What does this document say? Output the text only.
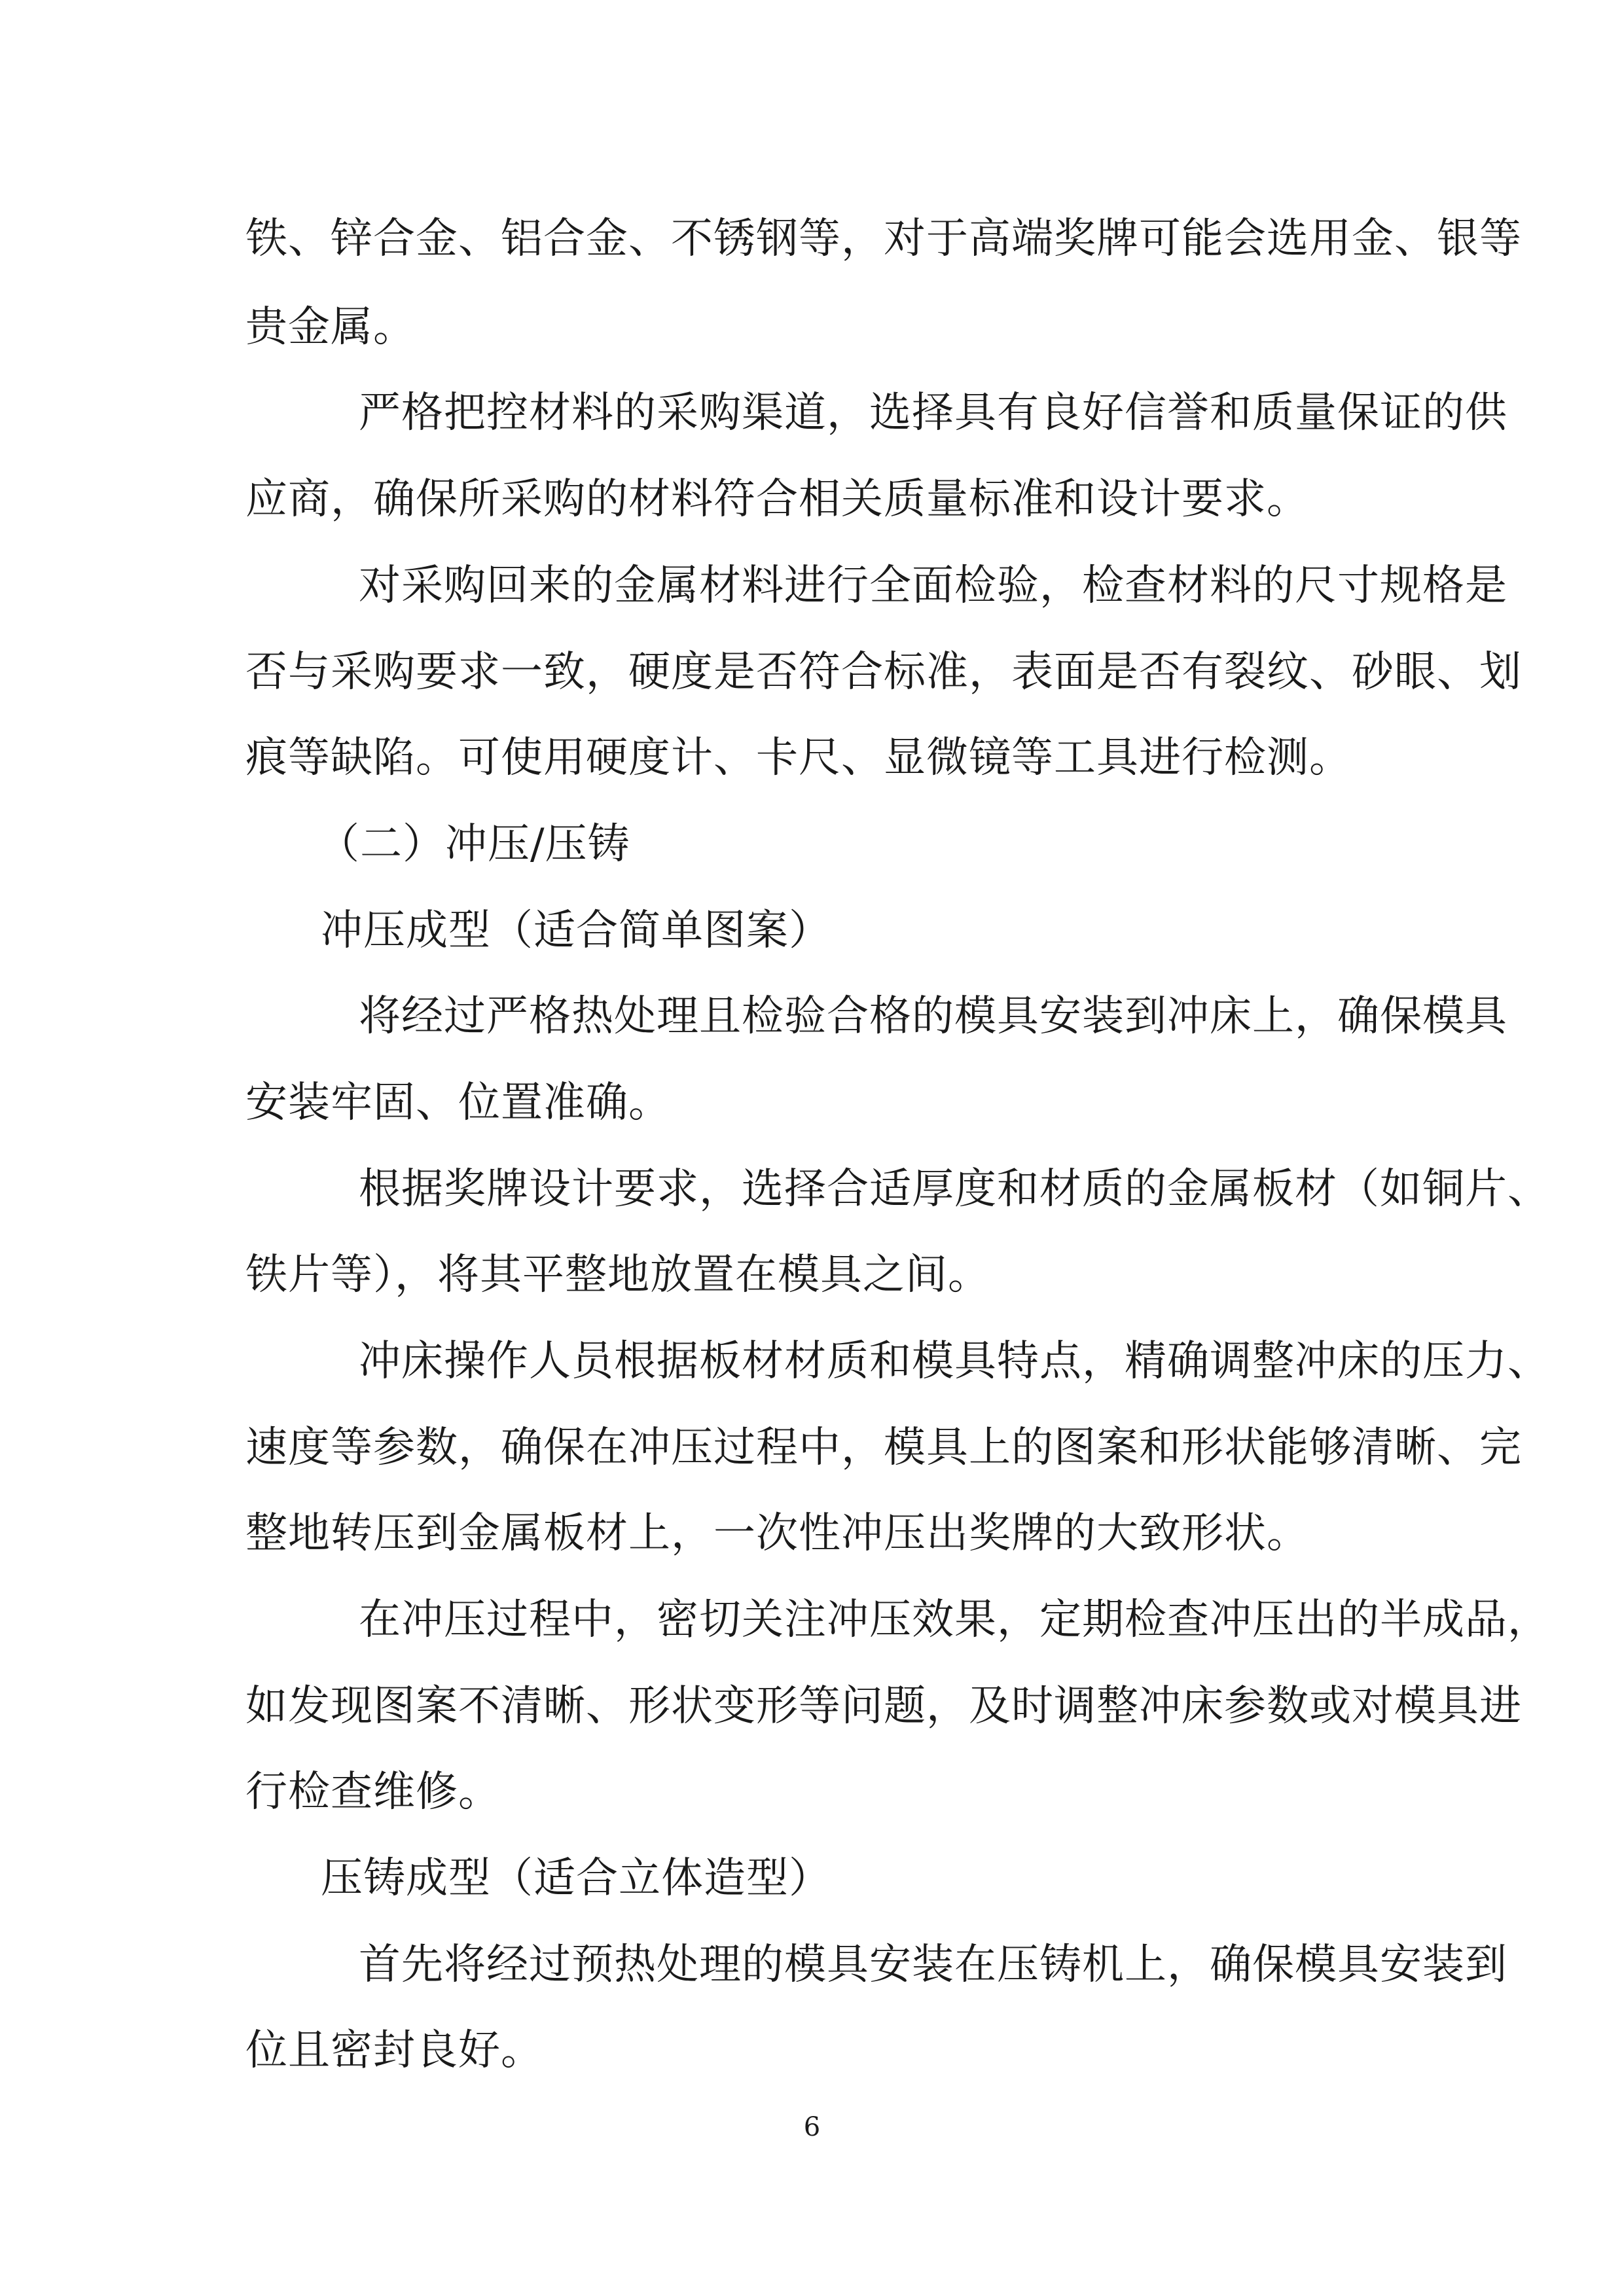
铁、锌合金、铝合金、不锈钢等，对于高端奖牌可能会选用金、银等
贵金属。
严格把控材料的采购渠道，选择具有良好信誉和质量保证的供
应商，确保所采购的材料符合相关质量标准和设计要求。
对采购回来的金属材料进行全面检验，检查材料的尺寸规格是
否与采购要求一致，硬度是否符合标准，表面是否有裂纹、砂眼、划
痕等缺陷。可使用硬度计、卡尺、显微镜等工具进行检测。
（二）冲压/压铸
冲压成型（适合简单图案）
将经过严格热处理且检验合格的模具安装到冲床上，确保模具
安装牢固、位置准确。
根据奖牌设计要求，选择合适厚度和材质的金属板材（如铜片、
铁片等），将其平整地放置在模具之间。
冲床操作人员根据板材材质和模具特点，精确调整冲床的压力、
速度等参数，确保在冲压过程中，模具上的图案和形状能够清晰、完
整地转压到金属板材上，一次性冲压出奖牌的大致形状。
在冲压过程中，密切关注冲压效果，定期检查冲压出的半成品，
如发现图案不清晰、形状变形等问题，及时调整冲床参数或对模具进
行检查维修。
压铸成型（适合立体造型）
首先将经过预热处理的模具安装在压铸机上，确保模具安装到
位且密封良好。
6
